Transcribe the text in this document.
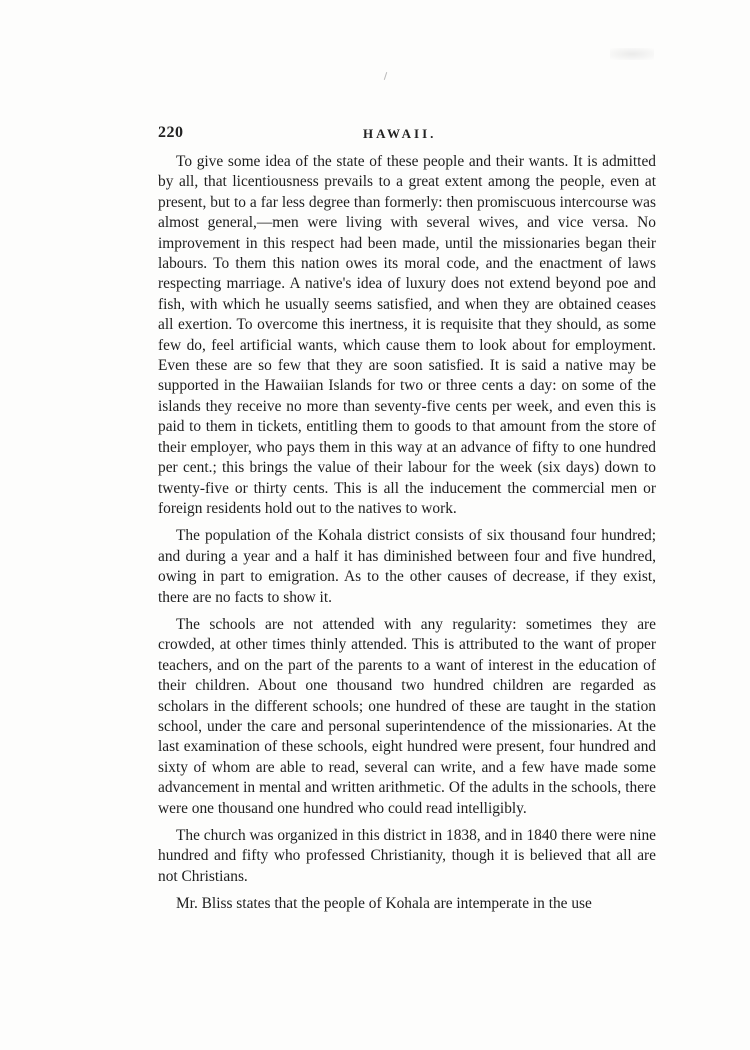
220	HAWAII.

To give some idea of the state of these people and their wants. It is admitted by all, that licentiousness prevails to a great extent among the people, even at present, but to a far less degree than formerly: then promiscuous intercourse was almost general,—men were living with several wives, and vice versa. No improvement in this respect had been made, until the missionaries began their labours. To them this nation owes its moral code, and the enactment of laws respecting marriage. A native's idea of luxury does not extend beyond poe and fish, with which he usually seems satisfied, and when they are obtained ceases all exertion. To overcome this inertness, it is requisite that they should, as some few do, feel artificial wants, which cause them to look about for employment. Even these are so few that they are soon satisfied. It is said a native may be supported in the Hawaiian Islands for two or three cents a day: on some of the islands they receive no more than seventy-five cents per week, and even this is paid to them in tickets, entitling them to goods to that amount from the store of their employer, who pays them in this way at an advance of fifty to one hundred per cent.; this brings the value of their labour for the week (six days) down to twenty-five or thirty cents. This is all the inducement the commercial men or foreign residents hold out to the natives to work.

The population of the Kohala district consists of six thousand four hundred; and during a year and a half it has diminished between four and five hundred, owing in part to emigration. As to the other causes of decrease, if they exist, there are no facts to show it.

The schools are not attended with any regularity: sometimes they are crowded, at other times thinly attended. This is attributed to the want of proper teachers, and on the part of the parents to a want of interest in the education of their children. About one thousand two hundred children are regarded as scholars in the different schools; one hundred of these are taught in the station school, under the care and personal superintendence of the missionaries. At the last examination of these schools, eight hundred were present, four hundred and sixty of whom are able to read, several can write, and a few have made some advancement in mental and written arithmetic. Of the adults in the schools, there were one thousand one hundred who could read intelligibly.

The church was organized in this district in 1838, and in 1840 there were nine hundred and fifty who professed Christianity, though it is believed that all are not Christians.

Mr. Bliss states that the people of Kohala are intemperate in the use
